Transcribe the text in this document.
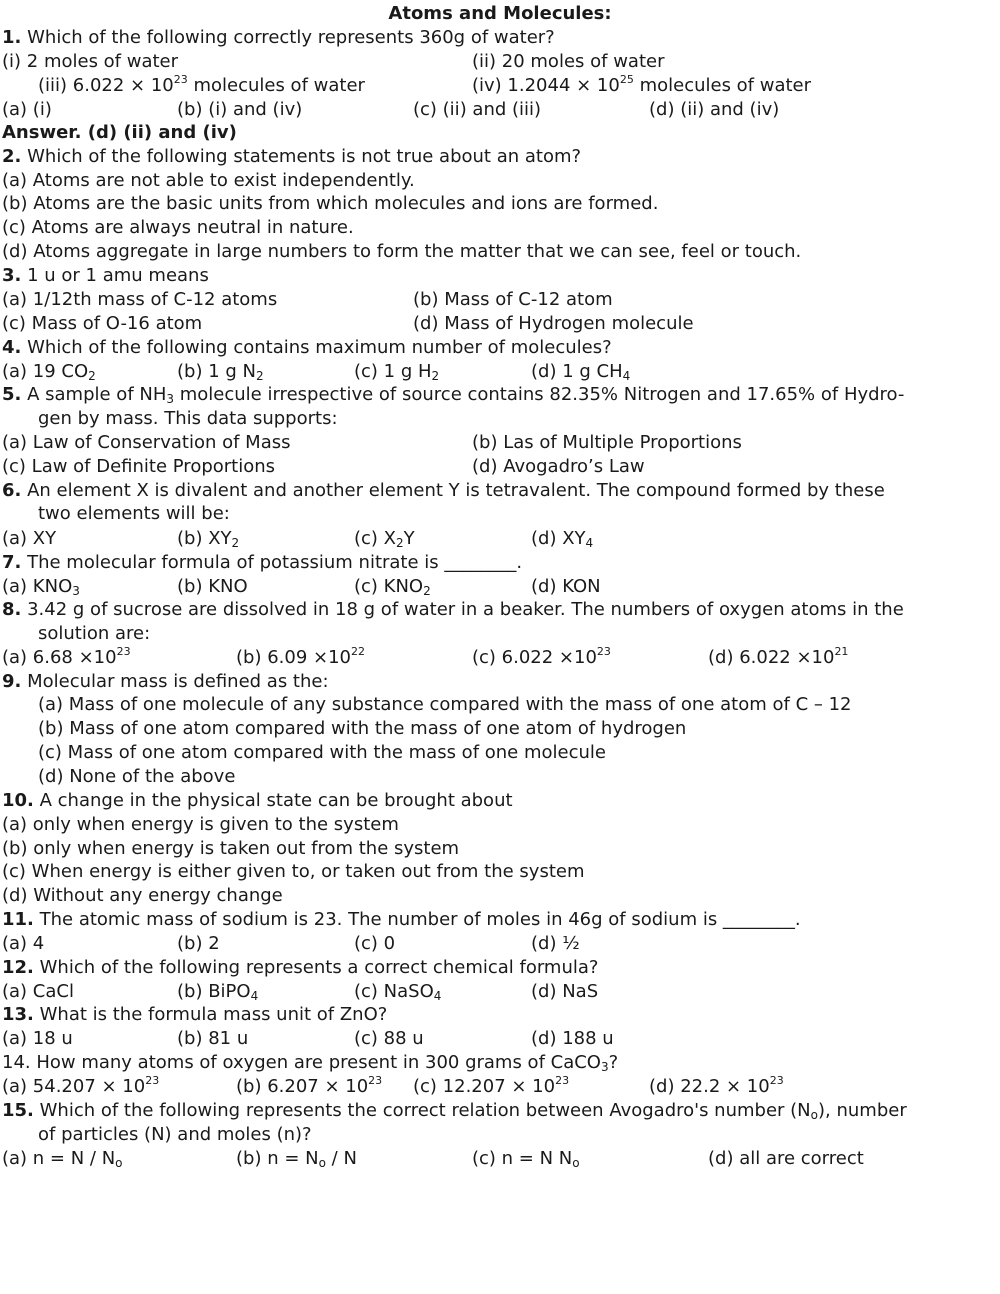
Atoms and Molecules:
1. Which of the following correctly represents 360g of water?
(i) 2 moles of water	(ii) 20 moles of water
(iii) $6.022 \times 10^{23}$ molecules of water	(iv) $1.2044 \times 10^{25}$ molecules of water
(a) (i)	(b) (i) and (iv)	(c) (ii) and (iii)	(d) (ii) and (iv)
Answer. (d) (ii) and (iv)
2. Which of the following statements is not true about an atom?
(a) Atoms are not able to exist independently.
(b) Atoms are the basic units from which molecules and ions are formed.
(c) Atoms are always neutral in nature.
(d) Atoms aggregate in large numbers to form the matter that we can see, feel or touch.
3. 1 u or 1 amu means
(a) 1/12th mass of C-12 atoms	(b) Mass of C-12 atom
(c) Mass of O-16 atom	(d) Mass of Hydrogen molecule
4. Which of the following contains maximum number of molecules?
(a) 19 $CO_2$	(b) 1 g $N_2$	(c) 1 g $H_2$	(d) 1 g $CH_4$
5. A sample of $NH_3$ molecule irrespective of source contains 82.35% Nitrogen and 17.65% of Hydro-
gen by mass. This data supports:
(a) Law of Conservation of Mass	(b) Las of Multiple Proportions
(c) Law of Definite Proportions	(d) Avogadro’s Law
6. An element X is divalent and another element Y is tetravalent. The compound formed by these
two elements will be:
(a) XY	(b) $XY_2$	(c) $X_2Y$	(d) $XY_4$
7. The molecular formula of potassium nitrate is ________.
(a) $KNO_3$	(b) KNO	(c) $KNO_2$	(d) KON
8. 3.42 g of sucrose are dissolved in 18 g of water in a beaker. The numbers of oxygen atoms in the
solution are:
(a) $6.68 \times 10^{23}$	(b) $6.09 \times 10^{22}$	(c) $6.022 \times 10^{23}$	(d) $6.022 \times 10^{21}$
9. Molecular mass is defined as the:
(a) Mass of one molecule of any substance compared with the mass of one atom of C – 12
(b) Mass of one atom compared with the mass of one atom of hydrogen
(c) Mass of one atom compared with the mass of one molecule
(d) None of the above
10. A change in the physical state can be brought about
(a) only when energy is given to the system
(b) only when energy is taken out from the system
(c) When energy is either given to, or taken out from the system
(d) Without any energy change
11. The atomic mass of sodium is 23. The number of moles in 46g of sodium is ________.
(a) 4	(b) 2	(c) 0	(d) ½
12. Which of the following represents a correct chemical formula?
(a) CaCl	(b) BiPO$_4$	(c) NaSO$_4$	(d) NaS
13. What is the formula mass unit of ZnO?
(a) 18 u	(b) 81 u	(c) 88 u	(d) 188 u
14. How many atoms of oxygen are present in 300 grams of CaCO$_3$?
(a) $54.207 \times 10^{23}$	(b) $6.207 \times 10^{23}$ (c) $12.207 \times 10^{23}$	(d) $22.2 \times 10^{23}$
15. Which of the following represents the correct relation between Avogadro's number $(N_o)$, number
of particles (N) and moles (n)?
(a) $n = N / N_o$	(b) $n = N_o / N$	(c) n = N $N_o$	(d) all are correct
